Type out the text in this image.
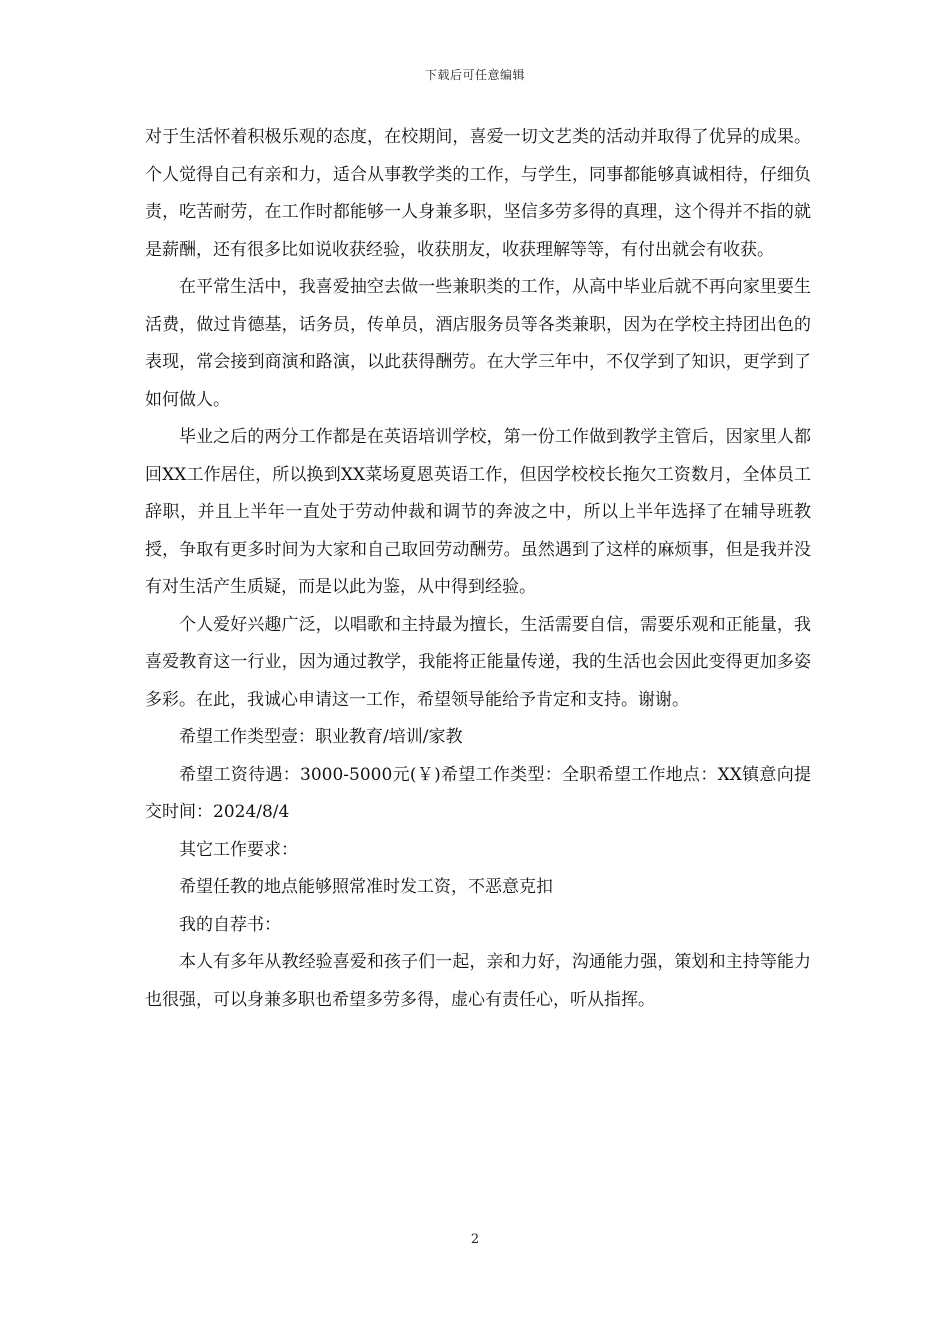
下载后可任意编辑

对于生活怀着积极乐观的态度，在校期间，喜爱一切文艺类的活动并取得了优异的成果。个人觉得自己有亲和力，适合从事教学类的工作，与学生，同事都能够真诚相待，仔细负责，吃苦耐劳，在工作时都能够一人身兼多职，坚信多劳多得的真理，这个得并不指的就是薪酬，还有很多比如说收获经验，收获朋友，收获理解等等，有付出就会有收获。

在平常生活中，我喜爱抽空去做一些兼职类的工作，从高中毕业后就不再向家里要生活费，做过肯德基，话务员，传单员，酒店服务员等各类兼职，因为在学校主持团出色的表现，常会接到商演和路演，以此获得酬劳。在大学三年中，不仅学到了知识，更学到了如何做人。

毕业之后的两分工作都是在英语培训学校，第一份工作做到教学主管后，因家里人都回XX工作居住，所以换到XX菜场夏恩英语工作，但因学校校长拖欠工资数月，全体员工辞职，并且上半年一直处于劳动仲裁和调节的奔波之中，所以上半年选择了在辅导班教授，争取有更多时间为大家和自己取回劳动酬劳。虽然遇到了这样的麻烦事，但是我并没有对生活产生质疑，而是以此为鉴，从中得到经验。

个人爱好兴趣广泛，以唱歌和主持最为擅长，生活需要自信，需要乐观和正能量，我喜爱教育这一行业，因为通过教学，我能将正能量传递，我的生活也会因此变得更加多姿多彩。在此，我诚心申请这一工作，希望领导能给予肯定和支持。谢谢。

希望工作类型壹：职业教育/培训/家教

希望工资待遇：3000-5000元(￥)希望工作类型：全职希望工作地点：XX镇意向提交时间：2024/8/4

其它工作要求：

希望任教的地点能够照常准时发工资，不恶意克扣

我的自荐书：

本人有多年从教经验喜爱和孩子们一起，亲和力好，沟通能力强，策划和主持等能力也很强，可以身兼多职也希望多劳多得，虚心有责任心，听从指挥。

2
